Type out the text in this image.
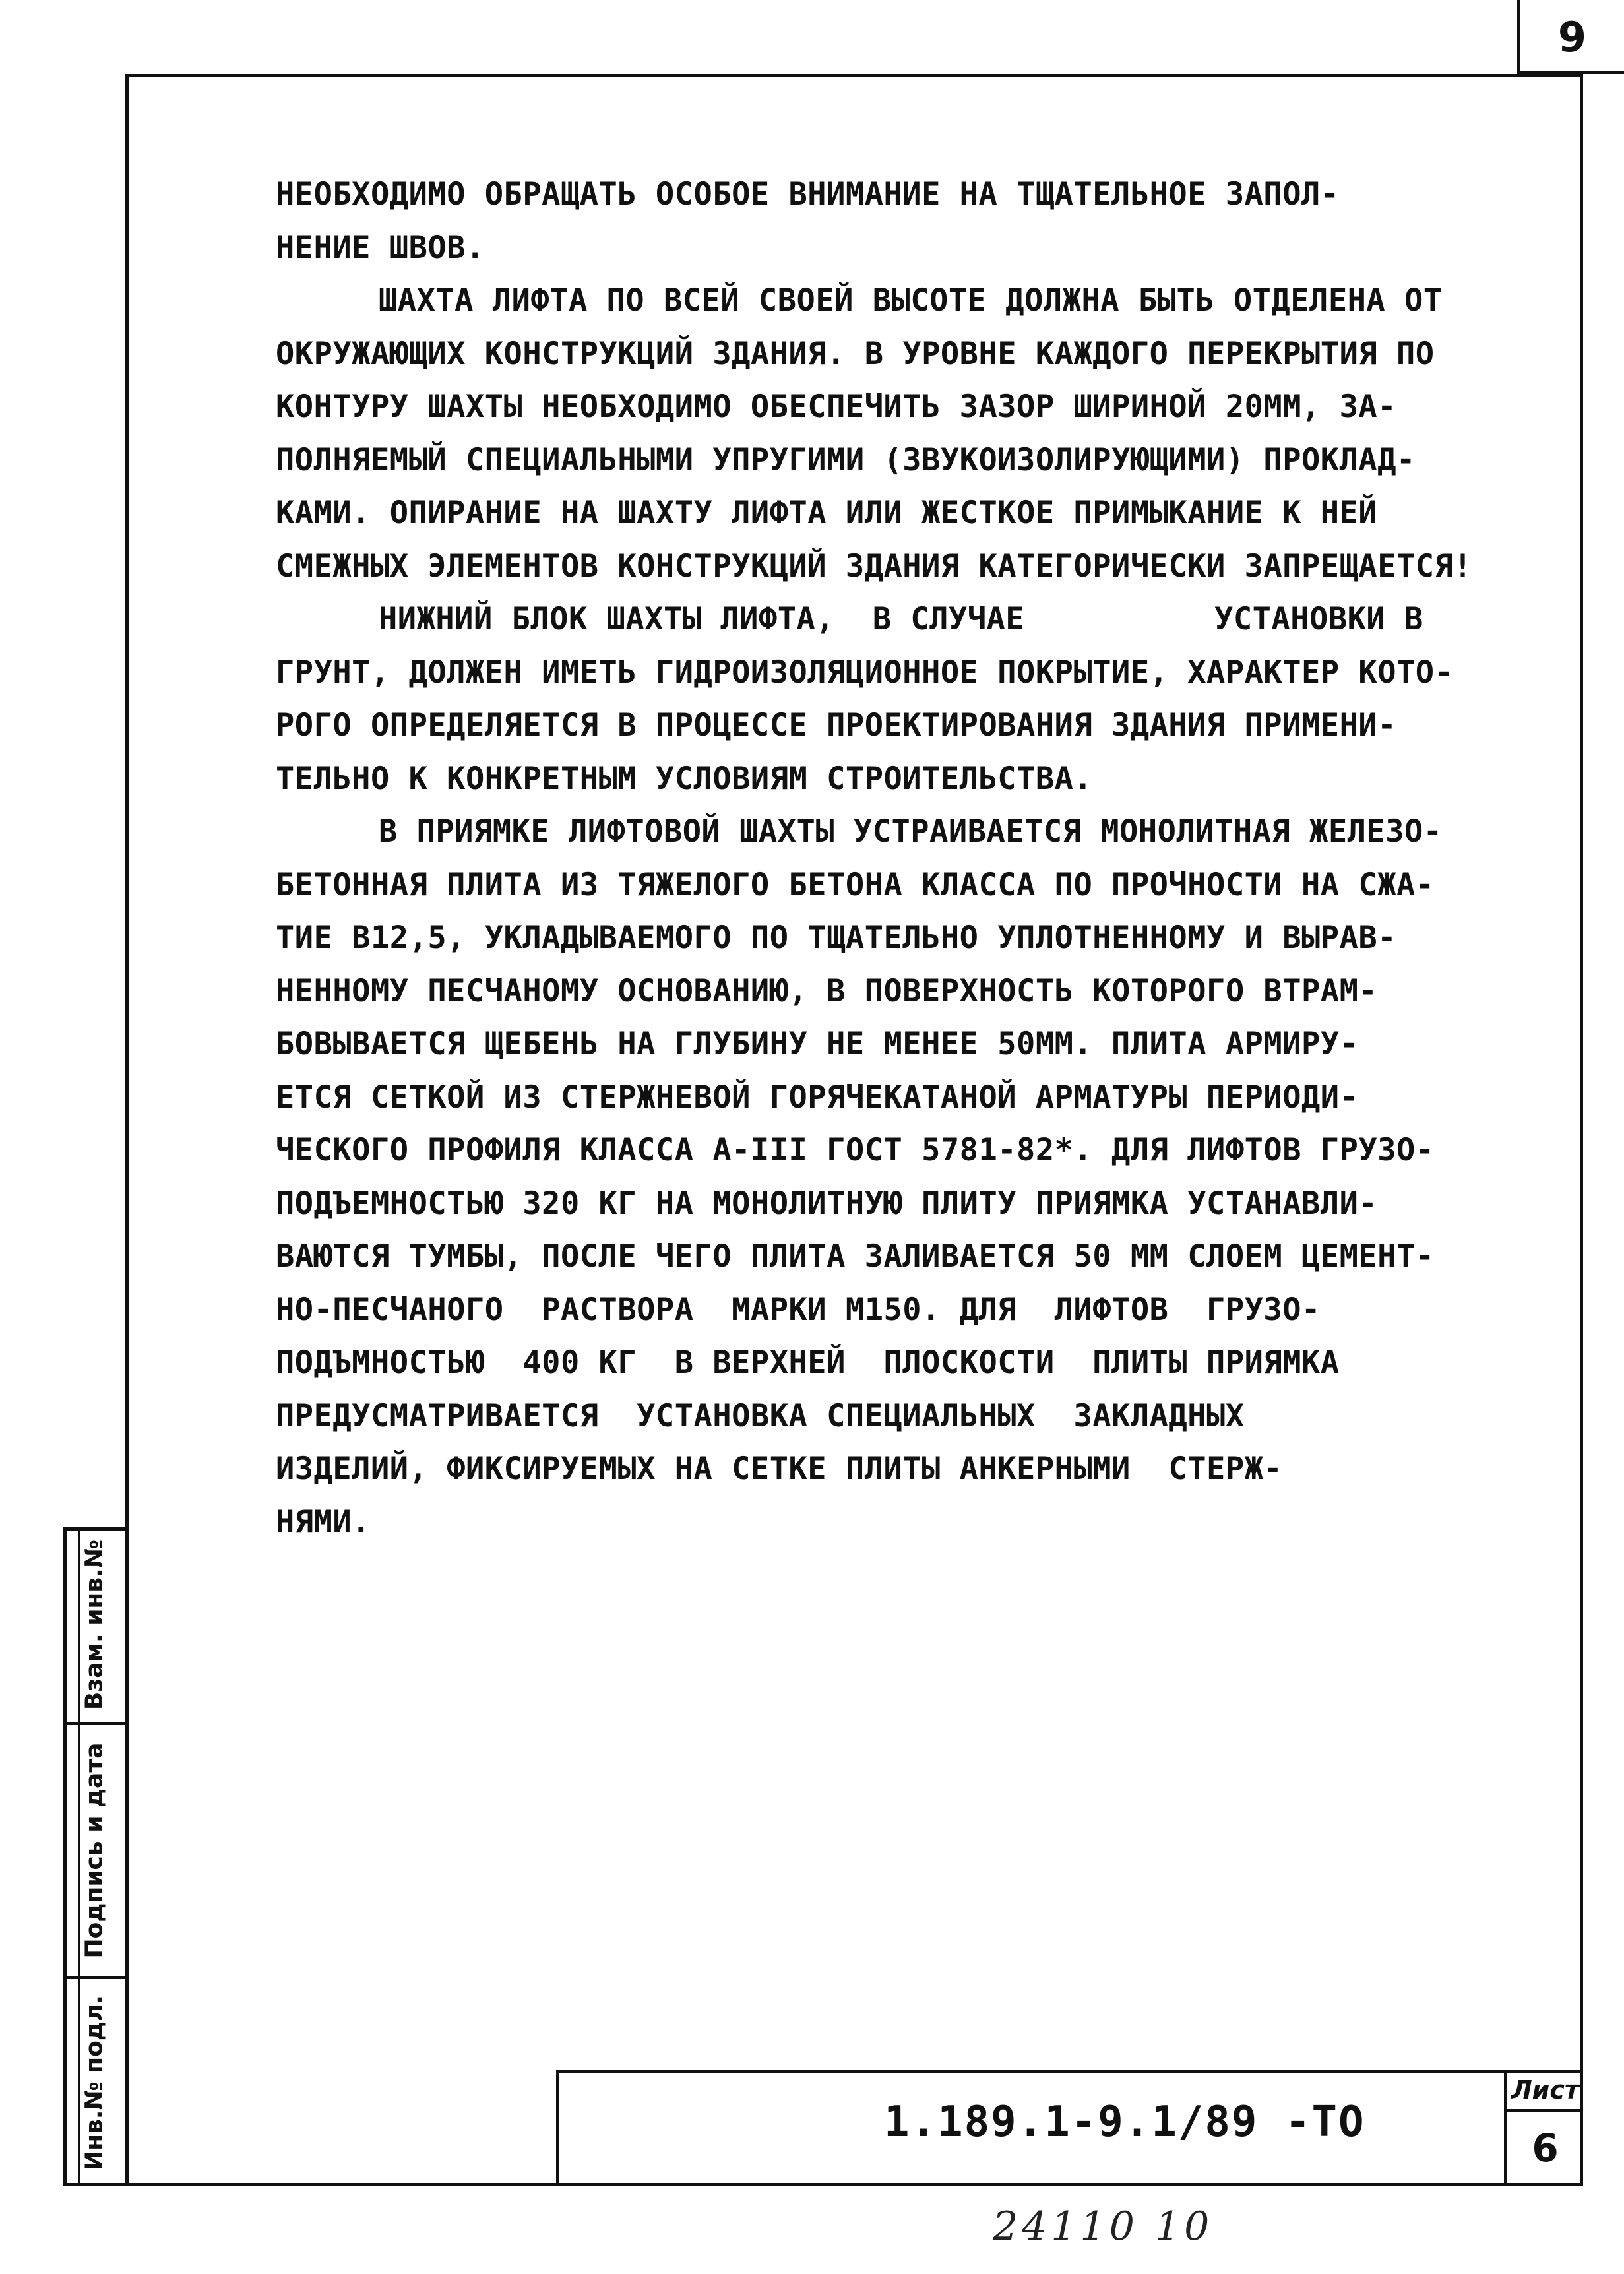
9
НЕОБХОДИМО ОБРАЩАТЬ ОСОБОЕ ВНИМАНИЕ НА ТЩАТЕЛЬНОЕ ЗАПОЛ-
НЕНИЕ ШВОВ.
ШАХТА ЛИФТА ПО ВСЕЙ СВОЕЙ ВЫСОТЕ ДОЛЖНА БЫТЬ ОТДЕЛЕНА ОТ
ОКРУЖАЮЩИХ КОНСТРУКЦИЙ ЗДАНИЯ. В УРОВНЕ КАЖДОГО ПЕРЕКРЫТИЯ ПО
КОНТУРУ ШАХТЫ НЕОБХОДИМО ОБЕСПЕЧИТЬ ЗАЗОР ШИРИНОЙ 20ММ, ЗА-
ПОЛНЯЕМЫЙ СПЕЦИАЛЬНЫМИ УПРУГИМИ (ЗВУКОИЗОЛИРУЮЩИМИ) ПРОКЛАД-
КАМИ. ОПИРАНИЕ НА ШАХТУ ЛИФТА ИЛИ ЖЕСТКОЕ ПРИМЫКАНИЕ К НЕЙ
СМЕЖНЫХ ЭЛЕМЕНТОВ КОНСТРУКЦИЙ ЗДАНИЯ КАТЕГОРИЧЕСКИ ЗАПРЕЩАЕТСЯ!
НИЖНИЙ БЛОК ШАХТЫ ЛИФТА,  В СЛУЧАЕ          УСТАНОВКИ В
ГРУНТ, ДОЛЖЕН ИМЕТЬ ГИДРОИЗОЛЯЦИОННОЕ ПОКРЫТИЕ, ХАРАКТЕР КОТО-
РОГО ОПРЕДЕЛЯЕТСЯ В ПРОЦЕССЕ ПРОЕКТИРОВАНИЯ ЗДАНИЯ ПРИМЕНИ-
ТЕЛЬНО К КОНКРЕТНЫМ УСЛОВИЯМ СТРОИТЕЛЬСТВА.
В ПРИЯМКЕ ЛИФТОВОЙ ШАХТЫ УСТРАИВАЕТСЯ МОНОЛИТНАЯ ЖЕЛЕЗО-
БЕТОННАЯ ПЛИТА ИЗ ТЯЖЕЛОГО БЕТОНА КЛАССА ПО ПРОЧНОСТИ НА СЖА-
ТИЕ В12,5, УКЛАДЫВАЕМОГО ПО ТЩАТЕЛЬНО УПЛОТНЕННОМУ И ВЫРАВ-
НЕННОМУ ПЕСЧАНОМУ ОСНОВАНИЮ, В ПОВЕРХНОСТЬ КОТОРОГО ВТРАМ-
БОВЫВАЕТСЯ ЩЕБЕНЬ НА ГЛУБИНУ НЕ МЕНЕЕ 50ММ. ПЛИТА АРМИРУ-
ЕТСЯ СЕТКОЙ ИЗ СТЕРЖНЕВОЙ ГОРЯЧЕКАТАНОЙ АРМАТУРЫ ПЕРИОДИ-
ЧЕСКОГО ПРОФИЛЯ КЛАССА А-III ГОСТ 5781-82*. ДЛЯ ЛИФТОВ ГРУЗО-
ПОДЪЕМНОСТЬЮ 320 КГ НА МОНОЛИТНУЮ ПЛИТУ ПРИЯМКА УСТАНАВЛИ-
ВАЮТСЯ ТУМБЫ, ПОСЛЕ ЧЕГО ПЛИТА ЗАЛИВАЕТСЯ 50 ММ СЛОЕМ ЦЕМЕНТ-
НО-ПЕСЧАНОГО  РАСТВОРА  МАРКИ М150. ДЛЯ  ЛИФТОВ  ГРУЗО-
ПОДЪМНОСТЬЮ  400 КГ  В ВЕРХНЕЙ  ПЛОСКОСТИ  ПЛИТЫ ПРИЯМКА
ПРЕДУСМАТРИВАЕТСЯ  УСТАНОВКА СПЕЦИАЛЬНЫХ  ЗАКЛАДНЫХ
ИЗДЕЛИЙ, ФИКСИРУЕМЫХ НА СЕТКЕ ПЛИТЫ АНКЕРНЫМИ  СТЕРЖ-
НЯМИ.
Взам. инв.№
Подпись и дата
Инв.№ подл.	1.189.1-9.1/89 -ТО
Лист
6
24110 10
